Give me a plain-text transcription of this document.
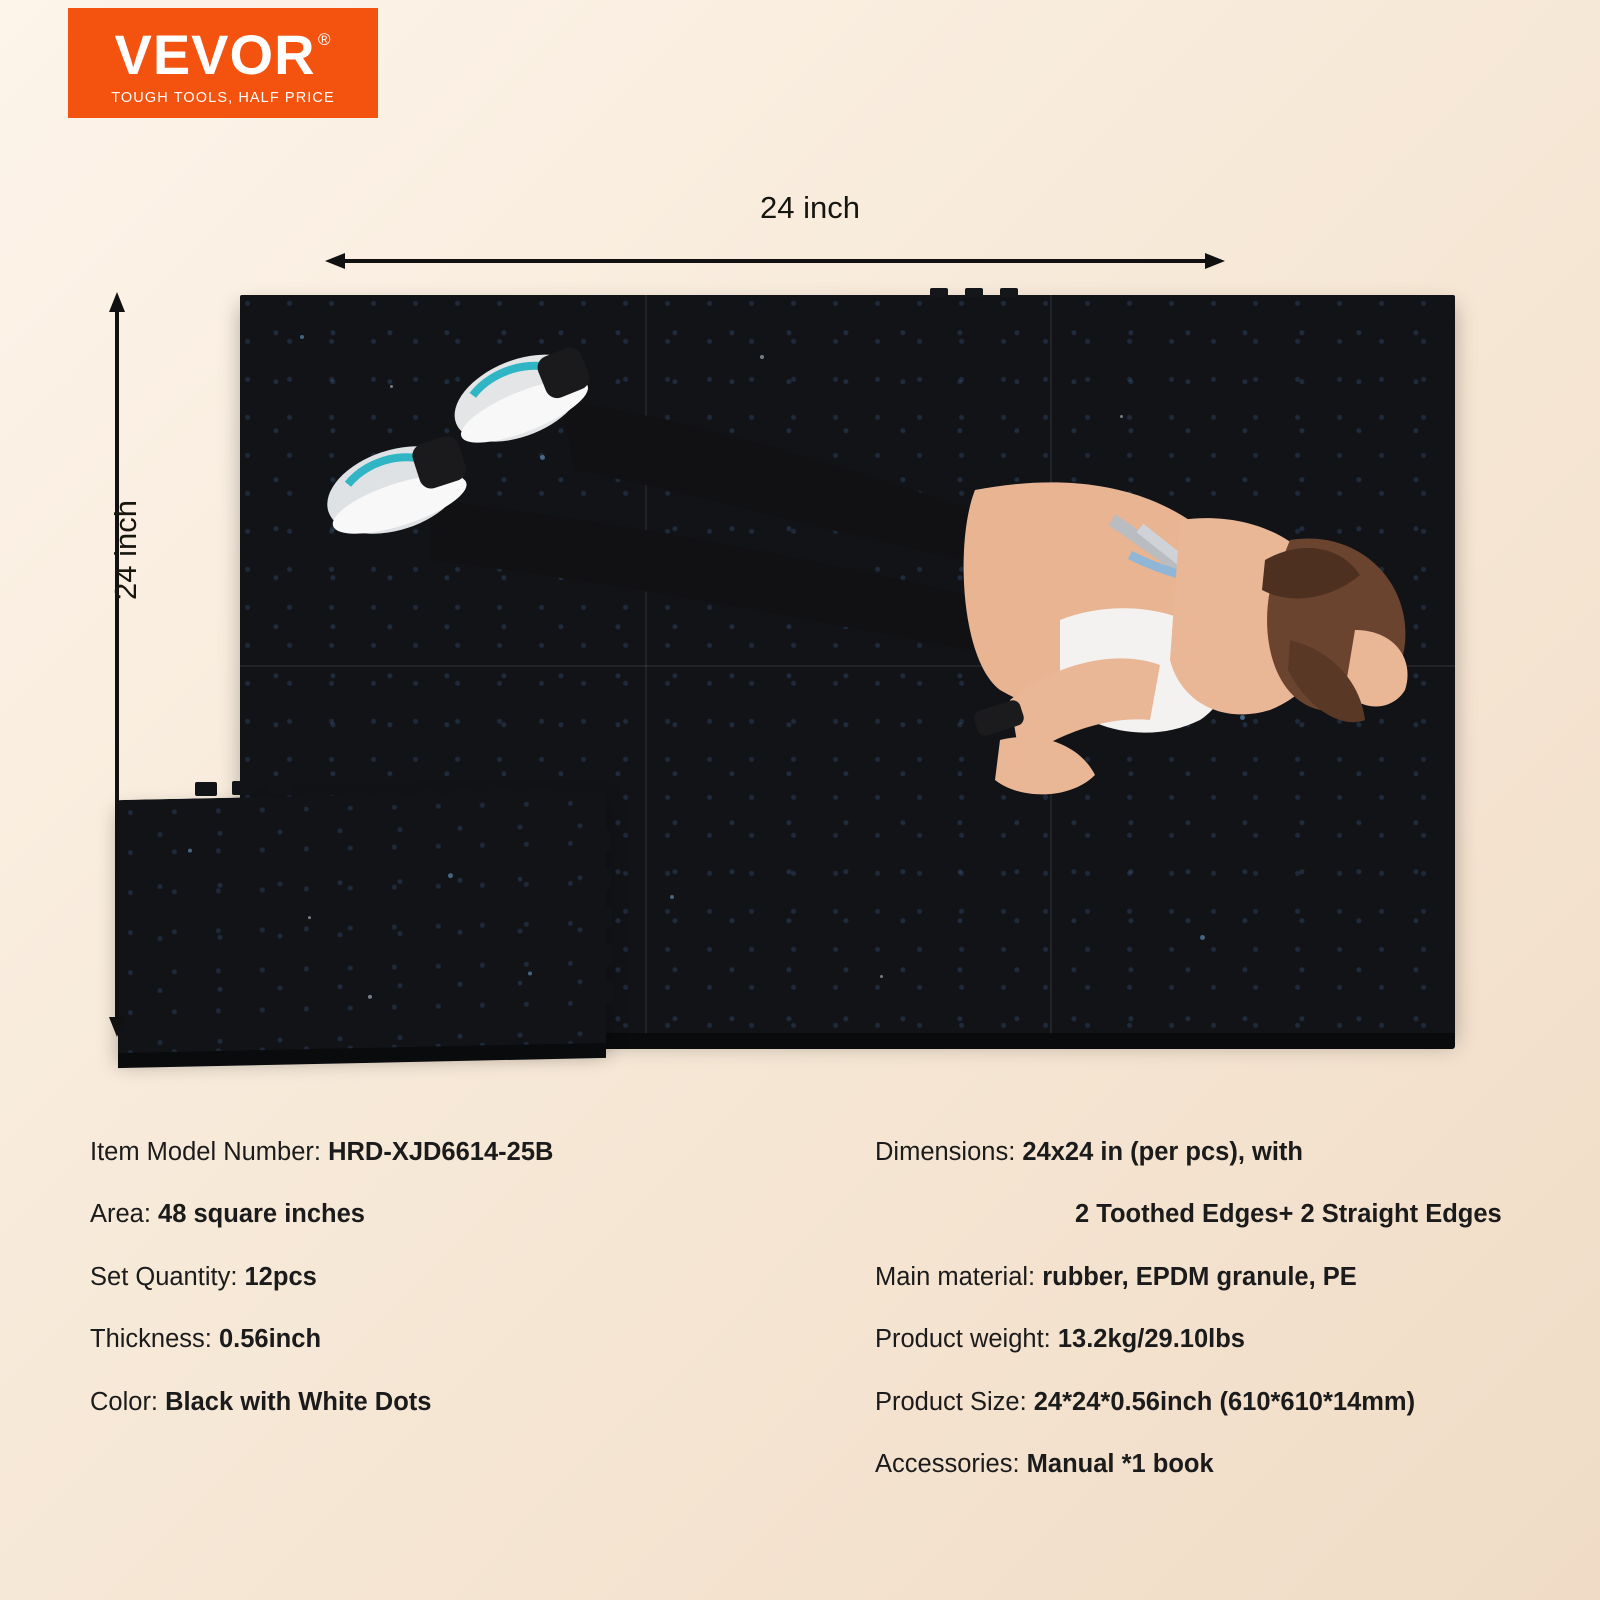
VEVOR ®
TOUGH TOOLS, HALF PRICE
24 inch
24 inch
Item Model Number: HRD-XJD6614-25B
Area: 48 square inches
Set Quantity: 12pcs
Thickness: 0.56inch
Color: Black with White Dots
Dimensions: 24x24 in (per pcs), with
2 Toothed Edges+ 2 Straight Edges
Main material: rubber, EPDM granule, PE
Product weight: 13.2kg/29.10lbs
Product Size: 24*24*0.56inch (610*610*14mm)
Accessories: Manual *1 book
